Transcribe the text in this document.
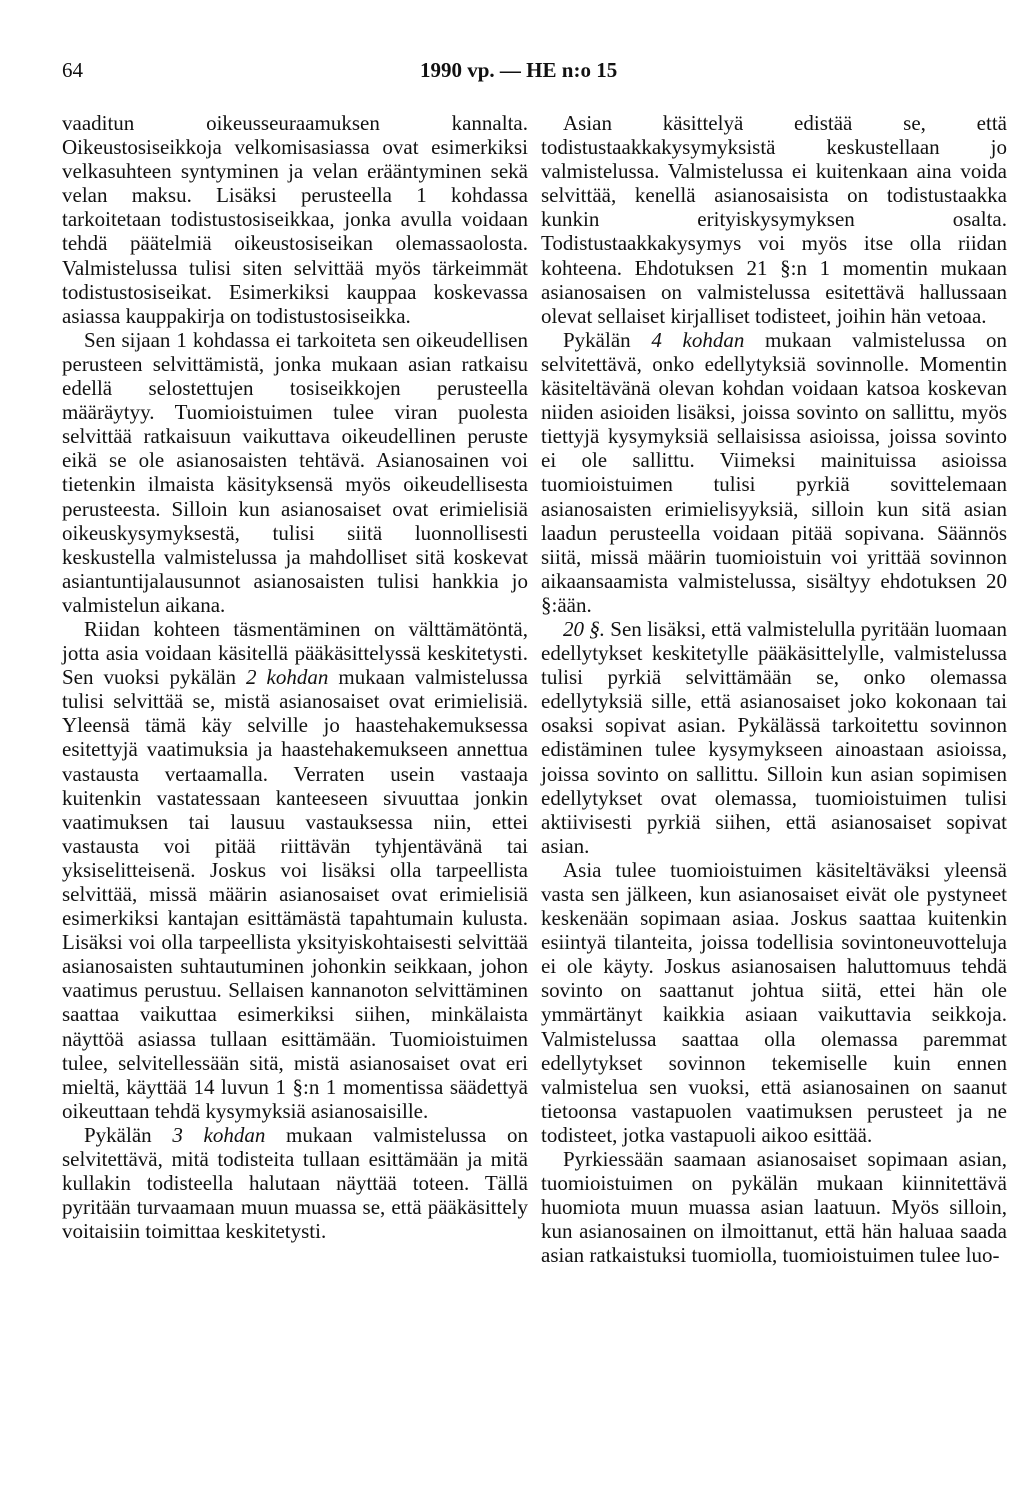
64	1990 vp. — HE n:o 15

vaaditun oikeusseuraamuksen kannalta. Oikeustosiseikkoja velkomisasiassa ovat esimerkiksi velkasuhteen syntyminen ja velan erääntyminen sekä velan maksu. Lisäksi perusteella 1 kohdassa tarkoitetaan todistustosiseikkaa, jonka avulla voidaan tehdä päätelmiä oikeustosiseikan olemassaolosta. Valmistelussa tulisi siten selvittää myös tärkeimmät todistustosiseikat. Esimerkiksi kauppaa koskevassa asiassa kauppakirja on todistustosiseikka.

Sen sijaan 1 kohdassa ei tarkoiteta sen oikeudellisen perusteen selvittämistä, jonka mukaan asian ratkaisu edellä selostettujen tosiseikkojen perusteella määräytyy. Tuomioistuimen tulee viran puolesta selvittää ratkaisuun vaikuttava oikeudellinen peruste eikä se ole asianosaisten tehtävä. Asianosainen voi tietenkin ilmaista käsityksensä myös oikeudellisesta perusteesta. Silloin kun asianosaiset ovat erimielisiä oikeuskysymyksestä, tulisi siitä luonnollisesti keskustella valmistelussa ja mahdolliset sitä koskevat asiantuntijalausunnot asianosaisten tulisi hankkia jo valmistelun aikana.

Riidan kohteen täsmentäminen on välttämätöntä, jotta asia voidaan käsitellä pääkäsittelyssä keskitetysti. Sen vuoksi pykälän 2 kohdan mukaan valmistelussa tulisi selvittää se, mistä asianosaiset ovat erimielisiä. Yleensä tämä käy selville jo haastehakemuksessa esitettyjä vaatimuksia ja haastehakemukseen annettua vastausta vertaamalla. Verraten usein vastaaja kuitenkin vastatessaan kanteeseen sivuuttaa jonkin vaatimuksen tai lausuu vastauksessa niin, ettei vastausta voi pitää riittävän tyhjentävänä tai yksiselitteisenä. Joskus voi lisäksi olla tarpeellista selvittää, missä määrin asianosaiset ovat erimielisiä esimerkiksi kantajan esittämästä tapahtumain kulusta. Lisäksi voi olla tarpeellista yksityiskohtaisesti selvittää asianosaisten suhtautuminen johonkin seikkaan, johon vaatimus perustuu. Sellaisen kannanoton selvittäminen saattaa vaikuttaa esimerkiksi siihen, minkälaista näyttöä asiassa tullaan esittämään. Tuomioistuimen tulee, selvitellessään sitä, mistä asianosaiset ovat eri mieltä, käyttää 14 luvun 1 §:n 1 momentissa säädettyä oikeuttaan tehdä kysymyksiä asianosaisille.

Pykälän 3 kohdan mukaan valmistelussa on selvitettävä, mitä todisteita tullaan esittämään ja mitä kullakin todisteella halutaan näyttää toteen. Tällä pyritään turvaamaan muun muassa se, että pääkäsittely voitaisiin toimittaa keskitetysti.

Asian käsittelyä edistää se, että todistustaakkakysymyksistä keskustellaan jo valmistelussa. Valmistelussa ei kuitenkaan aina voida selvittää, kenellä asianosaisista on todistustaakka kunkin erityiskysymyksen osalta. Todistustaakkakysymys voi myös itse olla riidan kohteena. Ehdotuksen 21 §:n 1 momentin mukaan asianosaisen on valmistelussa esitettävä hallussaan olevat sellaiset kirjalliset todisteet, joihin hän vetoaa.

Pykälän 4 kohdan mukaan valmistelussa on selvitettävä, onko edellytyksiä sovinnolle. Momentin käsiteltävänä olevan kohdan voidaan katsoa koskevan niiden asioiden lisäksi, joissa sovinto on sallittu, myös tiettyjä kysymyksiä sellaisissa asioissa, joissa sovinto ei ole sallittu. Viimeksi mainituissa asioissa tuomioistuimen tulisi pyrkiä sovittelemaan asianosaisten erimielisyyksiä, silloin kun sitä asian laadun perusteella voidaan pitää sopivana. Säännös siitä, missä määrin tuomioistuin voi yrittää sovinnon aikaansaamista valmistelussa, sisältyy ehdotuksen 20 §:ään.

20 §. Sen lisäksi, että valmistelulla pyritään luomaan edellytykset keskitetylle pääkäsittelylle, valmistelussa tulisi pyrkiä selvittämään se, onko olemassa edellytyksiä sille, että asianosaiset joko kokonaan tai osaksi sopivat asian. Pykälässä tarkoitettu sovinnon edistäminen tulee kysymykseen ainoastaan asioissa, joissa sovinto on sallittu. Silloin kun asian sopimisen edellytykset ovat olemassa, tuomioistuimen tulisi aktiivisesti pyrkiä siihen, että asianosaiset sopivat asian.

Asia tulee tuomioistuimen käsiteltäväksi yleensä vasta sen jälkeen, kun asianosaiset eivät ole pystyneet keskenään sopimaan asiaa. Joskus saattaa kuitenkin esiintyä tilanteita, joissa todellisia sovintoneuvotteluja ei ole käyty. Joskus asianosaisen haluttomuus tehdä sovinto on saattanut johtua siitä, ettei hän ole ymmärtänyt kaikkia asiaan vaikuttavia seikkoja. Valmistelussa saattaa olla olemassa paremmat edellytykset sovinnon tekemiselle kuin ennen valmistelua sen vuoksi, että asianosainen on saanut tietoonsa vastapuolen vaatimuksen perusteet ja ne todisteet, jotka vastapuoli aikoo esittää.

Pyrkiessään saamaan asianosaiset sopimaan asian, tuomioistuimen on pykälän mukaan kiinnitettävä huomiota muun muassa asian laatuun. Myös silloin, kun asianosainen on ilmoittanut, että hän haluaa saada asian ratkaistuksi tuomiolla, tuomioistuimen tulee luo-
